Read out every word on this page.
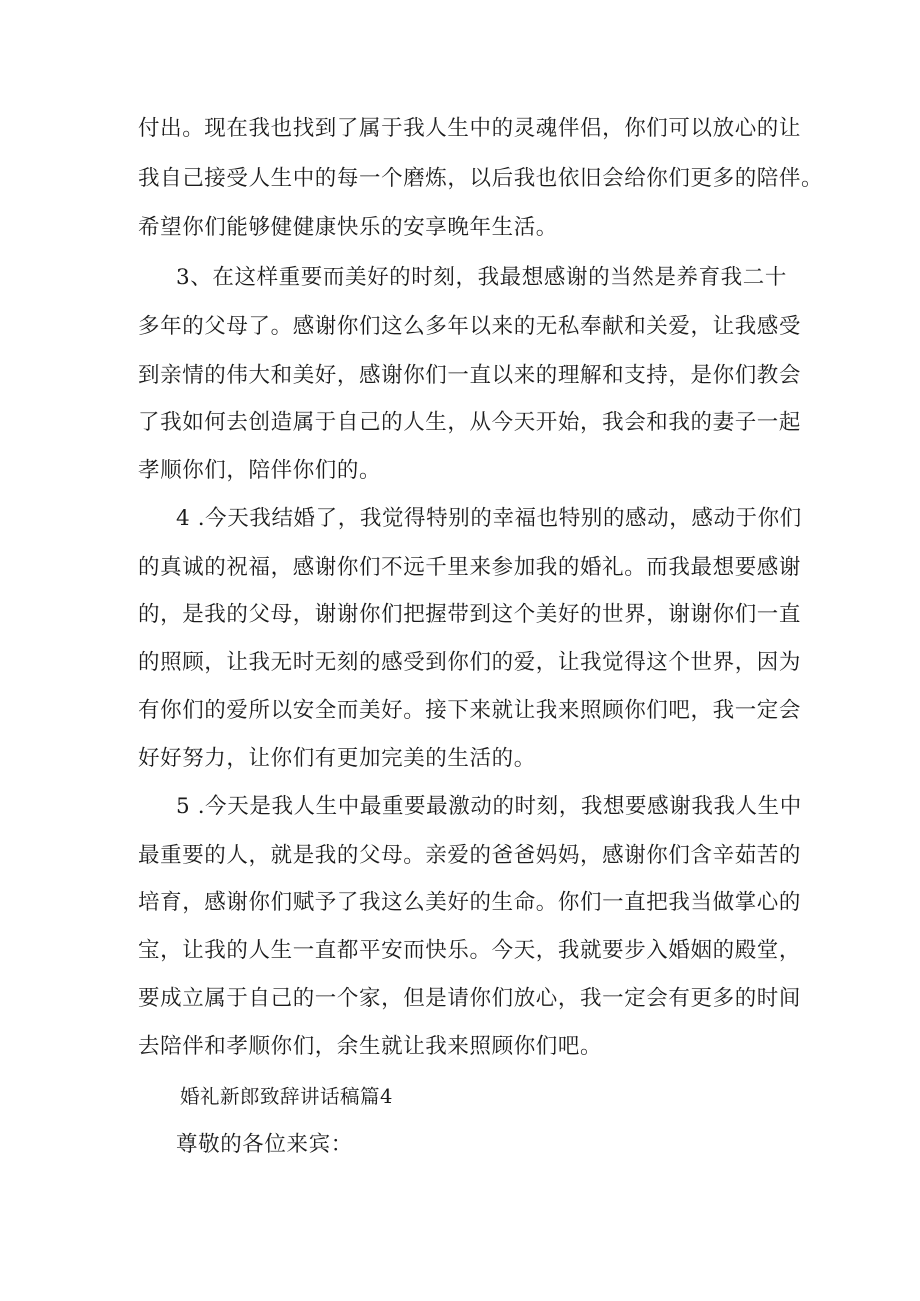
付出。现在我也找到了属于我人生中的灵魂伴侣，你们可以放心的让
我自己接受人生中的每一个磨炼，以后我也依旧会给你们更多的陪伴。
希望你们能够健健康快乐的安享晚年生活。
3、在这样重要而美好的时刻，我最想感谢的当然是养育我二十
多年的父母了。感谢你们这么多年以来的无私奉献和关爱，让我感受
到亲情的伟大和美好，感谢你们一直以来的理解和支持，是你们教会
了我如何去创造属于自己的人生，从今天开始，我会和我的妻子一起
孝顺你们，陪伴你们的。
4 .今天我结婚了，我觉得特别的幸福也特别的感动，感动于你们
的真诚的祝福，感谢你们不远千里来参加我的婚礼。而我最想要感谢
的，是我的父母，谢谢你们把握带到这个美好的世界，谢谢你们一直
的照顾，让我无时无刻的感受到你们的爱，让我觉得这个世界，因为
有你们的爱所以安全而美好。接下来就让我来照顾你们吧，我一定会
好好努力，让你们有更加完美的生活的。
5 .今天是我人生中最重要最激动的时刻，我想要感谢我我人生中
最重要的人，就是我的父母。亲爱的爸爸妈妈，感谢你们含辛茹苦的
培育，感谢你们赋予了我这么美好的生命。你们一直把我当做掌心的
宝，让我的人生一直都平安而快乐。今天，我就要步入婚姻的殿堂，
要成立属于自己的一个家，但是请你们放心，我一定会有更多的时间
去陪伴和孝顺你们，余生就让我来照顾你们吧。
婚礼新郎致辞讲话稿篇4
尊敬的各位来宾：
